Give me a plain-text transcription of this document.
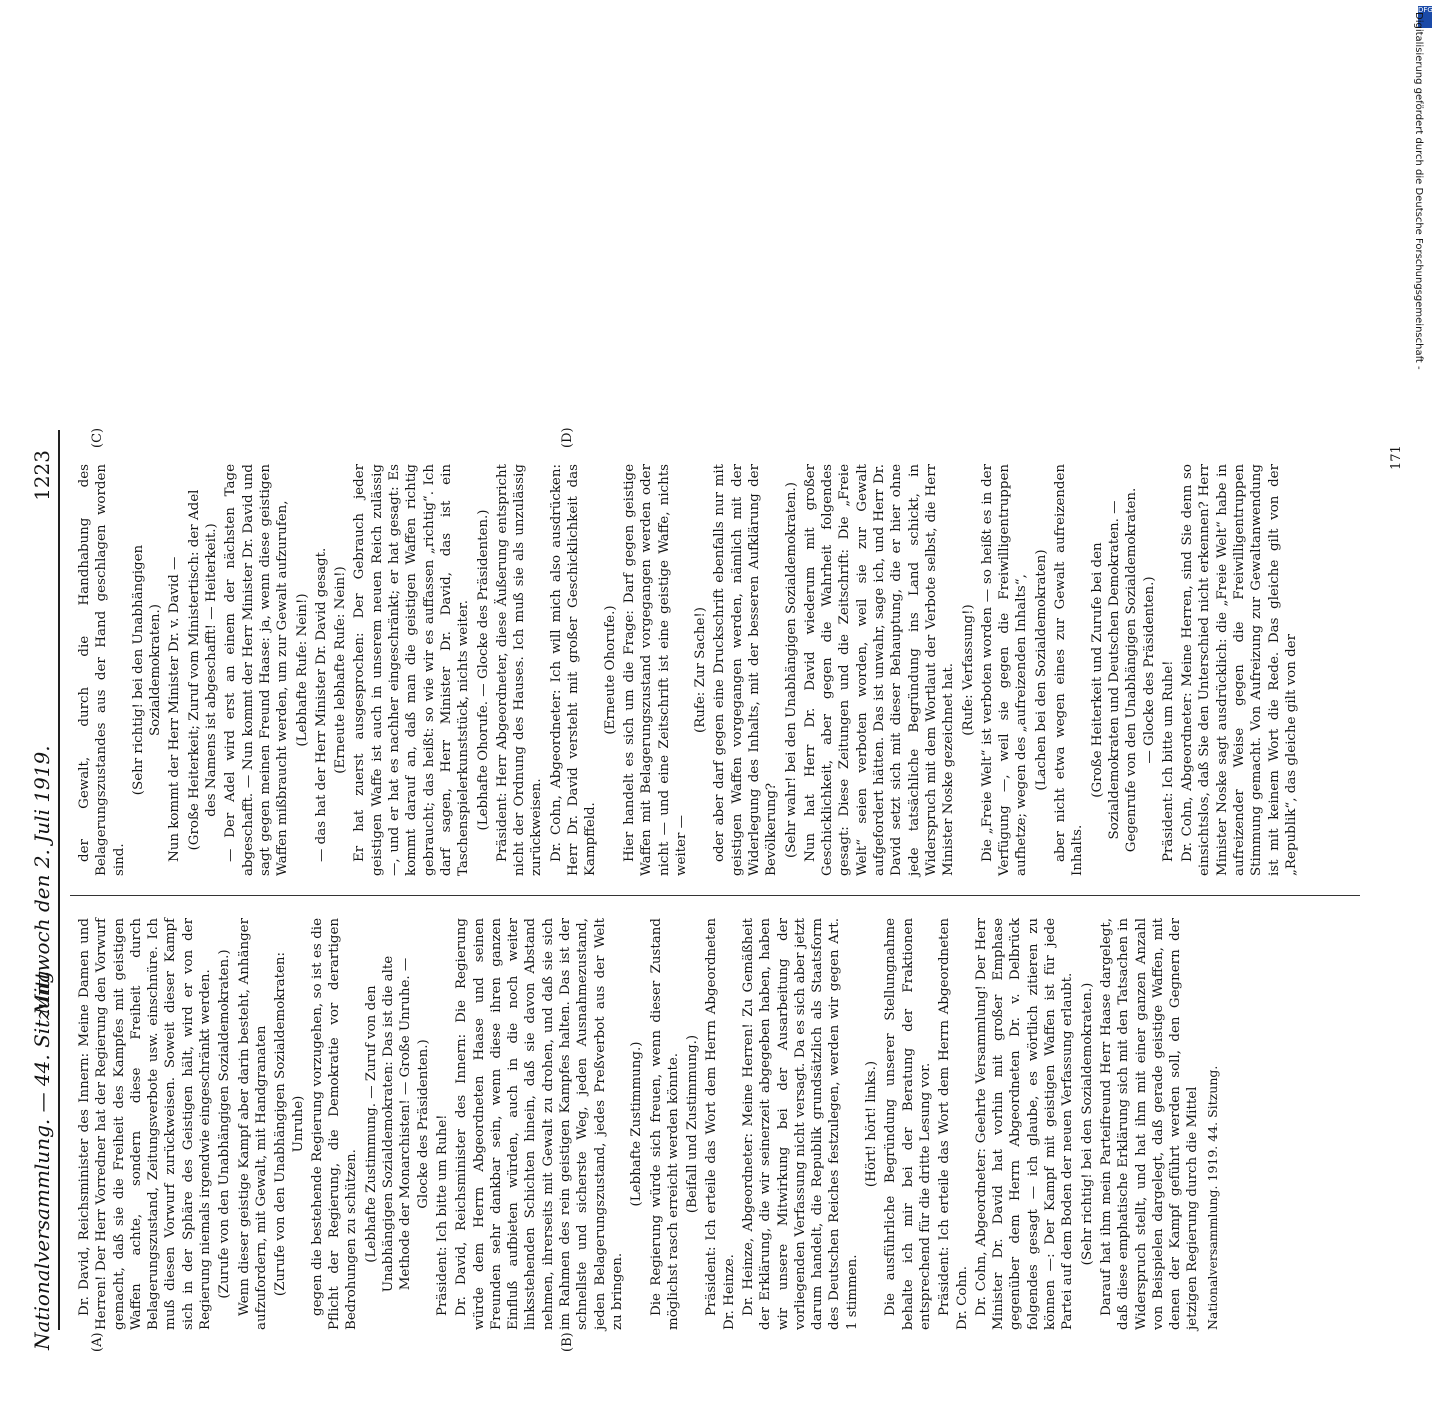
Nationalversammlung. — 44. Sitzung.
Mittwoch den 2. Juli 1919.
1223
(A)	(B)
(C)	(D)

Dr. David, Reichsminister des Innern: Meine Damen und Herren! Der Herr Vorredner hat der Regierung den Vorwurf gemacht, daß sie die Freiheit des Kampfes mit geistigen Waffen achte, sondern diese Freiheit durch Belagerungszustand, Zeitungsverbote usw. einschnüre. Ich muß diesen Vorwurf zurückweisen. Soweit dieser Kampf sich in der Sphäre des Geistigen hält, wird er von der Regierung niemals irgendwie eingeschränkt werden. (Zurufe von den Unabhängigen Sozialdemokraten.) Wenn dieser geistige Kampf aber darin besteht, Anhänger aufzufordern, mit Gewalt, mit Handgranaten (Zurufe von den Unabhängigen Sozialdemokraten: Unruhe) gegen die bestehende Regierung vorzugehen, so ist es die Pflicht der Regierung, die Demokratie vor derartigen Bedrohungen zu schützen. (Lebhafte Zustimmung. — Zuruf von den Unabhängigen Sozialdemokraten: Das ist die alte Methode der Monarchisten! — Große Unruhe. — Glocke des Präsidenten.) Präsident: Ich bitte um Ruhe! Dr. David, Reichsminister des Innern: Die Regierung würde dem Herrn Abgeordneten Haase und seinen Freunden sehr dankbar sein, wenn diese ihren ganzen Einfluß aufbieten würden, auch in die noch weiter linksstehenden Schichten hinein, daß sie davon Abstand nehmen, ihrerseits mit Gewalt zu drohen, und daß sie sich im Rahmen des rein geistigen Kampfes halten. Das ist der schnellste und sicherste Weg, jeden Ausnahmezustand, jeden Belagerungszustand, jedes Preßverbot aus der Welt zu bringen.

(Lebhafte Zustimmung.) Die Regierung würde sich freuen, wenn dieser Zustand möglichst rasch erreicht werden könnte. (Beifall und Zustimmung.) Präsident: Ich erteile das Wort dem Herrn Abgeordneten Dr. Heinze. Dr. Heinze, Abgeordneter: Meine Herren! Zu Gemäßheit der Erklärung, die wir seinerzeit abgegeben haben, haben wir unsere Mitwirkung bei der Ausarbeitung der vorliegenden Verfassung nicht versagt. Da es sich aber jetzt darum handelt, die Republik grundsätzlich als Staatsform des Deutschen Reiches festzulegen, werden wir gegen Art. 1 stimmen.

(Hört! hört! links.) Die ausführliche Begründung unserer Stellungnahme behalte ich mir bei der Beratung der Fraktionen entsprechend für die dritte Lesung vor. Präsident: Ich erteile das Wort dem Herrn Abgeordneten Dr. Cohn. Dr. Cohn, Abgeordneter: Geehrte Versammlung! Der Herr Minister Dr. David hat vorhin mit großer Emphase gegenüber dem Herrn Abgeordneten Dr. v. Delbrück folgendes gesagt — ich glaube, es wörtlich zitieren zu können —: Der Kampf mit geistigen Waffen ist für jede Partei auf dem Boden der neuen Verfassung erlaubt. (Sehr richtig! bei den Sozialdemokraten.) Darauf hat ihm mein Parteifreund Herr Haase dargelegt, daß diese emphatische Erklärung sich mit den Tatsachen in Widerspruch stellt, und hat ihm mit einer ganzen Anzahl von Beispielen dargelegt, daß gerade geistige Waffen, mit denen der Kampf geführt werden soll, den Gegnern der jetzigen Regierung durch die Mittel Nationalversammlung. 1919. 44. Sitzung.

der Gewalt, durch die Handhabung des Belagerungszustandes aus der Hand geschlagen worden sind.

(Sehr richtig! bei den Unabhängigen Sozialdemokraten.) Nun kommt der Herr Minister Dr. v. David — (Große Heiterkeit; Zuruf vom Ministertisch: der Adel des Namens ist abgeschafft! — Heiterkeit.) — Der Adel wird erst an einem der nächsten Tage abgeschafft. — Nun kommt der Herr Minister Dr. David und sagt gegen meinen Freund Haase: ja, wenn diese geistigen Waffen mißbraucht werden, um zur Gewalt aufzurufen, (Lebhafte Rufe: Nein!) — das hat der Herr Minister Dr. David gesagt. (Erneute lebhafte Rufe: Nein!) Er hat zuerst ausgesprochen: Der Gebrauch jeder geistigen Waffe ist auch in unserem neuen Reich zulässig —, und er hat es nachher eingeschränkt; er hat gesagt: Es kommt darauf an, daß man die geistigen Waffen richtig gebraucht; das heißt: so wie wir es auffassen „richtig“. Ich darf sagen, Herr Minister Dr. David, das ist ein Taschenspielerkunststück, nichts weiter. (Lebhafte Ohorufe. — Glocke des Präsidenten.) Präsident: Herr Abgeordneter, diese Äußerung entspricht nicht der Ordnung des Hauses. Ich muß sie als unzulässig zurückweisen. Dr. Cohn, Abgeordneter: Ich will mich also ausdrücken: Herr Dr. David versteht mit großer Geschicklichkeit das Kampffeld.

(Erneute Ohorufe.) Hier handelt es sich um die Frage: Darf gegen geistige Waffen mit Belagerungszustand vorgegangen werden oder nicht — und eine Zeitschrift ist eine geistige Waffe, nichts weiter —

(Rufe: Zur Sache!) oder aber darf gegen eine Druckschrift ebenfalls nur mit geistigen Waffen vorgegangen werden, nämlich mit der Widerlegung des Inhalts, mit der besseren Aufklärung der Bevölkerung? (Sehr wahr! bei den Unabhängigen Sozialdemokraten.) Nun hat Herr Dr. David wiederum mit großer Geschicklichkeit, aber gegen die Wahrheit folgendes gesagt: Diese Zeitungen und die Zeitschrift: Die „Freie Welt“ seien verboten worden, weil sie zur Gewalt aufgefordert hätten. Das ist unwahr, sage ich, und Herr Dr. David setzt sich mit dieser Behauptung, die er hier ohne jede tatsächliche Begründung ins Land schickt, in Widerspruch mit dem Wortlaut der Verbote selbst, die Herr Minister Noske gezeichnet hat. (Rufe: Verfassung!) Die „Freie Welt“ ist verboten worden — so heißt es in der Verfügung —, weil sie gegen die Freiwilligentruppen aufhetze; wegen des „aufreizenden Inhalts“, (Lachen bei den Sozialdemokraten) aber nicht etwa wegen eines zur Gewalt aufreizenden Inhalts.

(Große Heiterkeit und Zurufe bei den Sozialdemokraten und Deutschen Demokraten. — Gegenrufe von den Unabhängigen Sozialdemokraten. — Glocke des Präsidenten.) Präsident: Ich bitte um Ruhe! Dr. Cohn, Abgeordneter: Meine Herren, sind Sie denn so einsichtslos, daß Sie den Unterschied nicht erkennen? Herr Minister Noske sagt ausdrücklich: die „Freie Welt“ habe in aufreizender Weise gegen die Freiwilligentruppen Stimmung gemacht. Von Aufreizung zur Gewaltanwendung ist mit keinem Wort die Rede. Das gleiche gilt von der „Republik“, das gleiche gilt von der

171
DFG
Digitalisierung gefördert durch die Deutsche Forschungsgemeinschaft -
